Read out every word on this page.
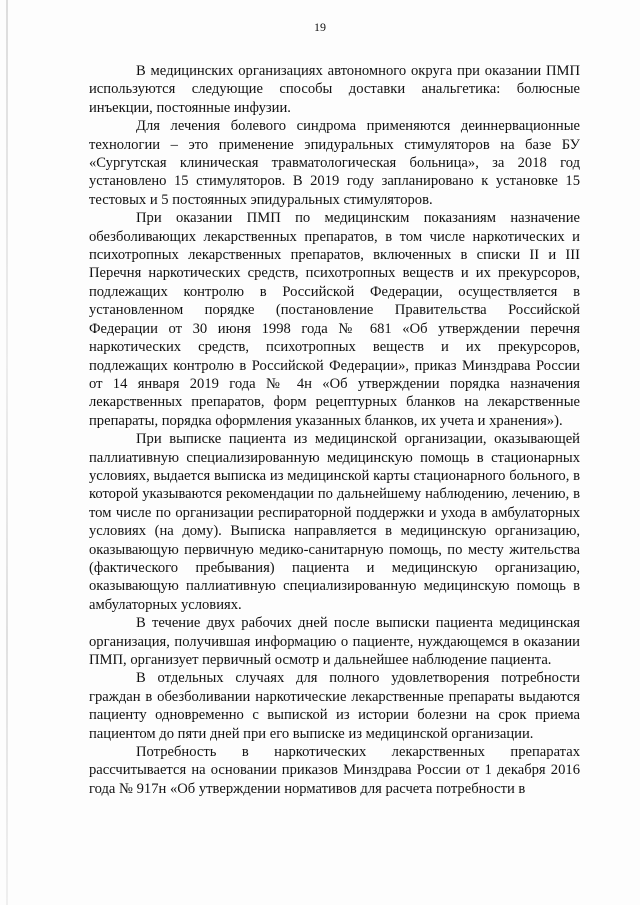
19

В медицинских организациях автономного округа при оказании ПМП используются следующие способы доставки анальгетика: болюсные инъекции, постоянные инфузии.

Для лечения болевого синдрома применяются деиннервационные технологии – это применение эпидуральных стимуляторов на базе БУ «Сургутская клиническая травматологическая больница», за 2018 год установлено 15 стимуляторов. В 2019 году запланировано к установке 15 тестовых и 5 постоянных эпидуральных стимуляторов.

При оказании ПМП по медицинским показаниям назначение обезболивающих лекарственных препаратов, в том числе наркотических и психотропных лекарственных препаратов, включенных в списки II и III Перечня наркотических средств, психотропных веществ и их прекурсоров, подлежащих контролю в Российской Федерации, осуществляется в установленном порядке (постановление Правительства Российской Федерации от 30 июня 1998 года № 681 «Об утверждении перечня наркотических средств, психотропных веществ и их прекурсоров, подлежащих контролю в Российской Федерации», приказ Минздрава России от 14 января 2019 года № 4н «Об утверждении порядка назначения лекарственных препаратов, форм рецептурных бланков на лекарственные препараты, порядка оформления указанных бланков, их учета и хранения»).

При выписке пациента из медицинской организации, оказывающей паллиативную специализированную медицинскую помощь в стационарных условиях, выдается выписка из медицинской карты стационарного больного, в которой указываются рекомендации по дальнейшему наблюдению, лечению, в том числе по организации респираторной поддержки и ухода в амбулаторных условиях (на дому). Выписка направляется в медицинскую организацию, оказывающую первичную медико-санитарную помощь, по месту жительства (фактического пребывания) пациента и медицинскую организацию, оказывающую паллиативную специализированную медицинскую помощь в амбулаторных условиях.

В течение двух рабочих дней после выписки пациента медицинская организация, получившая информацию о пациенте, нуждающемся в оказании ПМП, организует первичный осмотр и дальнейшее наблюдение пациента.

В отдельных случаях для полного удовлетворения потребности граждан в обезболивании наркотические лекарственные препараты выдаются пациенту одновременно с выпиской из истории болезни на срок приема пациентом до пяти дней при его выписке из медицинской организации.

Потребность в наркотических лекарственных препаратах рассчитывается на основании приказов Минздрава России от 1 декабря 2016 года № 917н «Об утверждении нормативов для расчета потребности в
